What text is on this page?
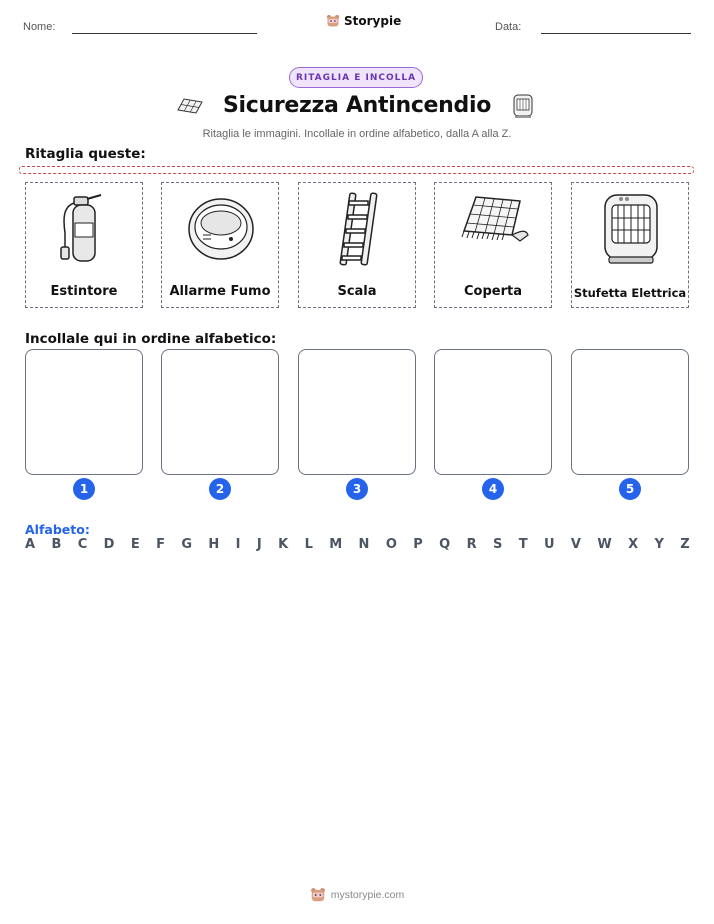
Nome:	Storypie	Data:
RITAGLIA E INCOLLA
Sicurezza Antincendio
Ritaglia le immagini. Incollale in ordine alfabetico, dalla A alla Z.
Ritaglia queste:
Estintore	Allarme Fumo	Scala	Coperta	Stufetta Elettrica
Incollale qui in ordine alfabetico:
1	2	3	4	5
Alfabeto:
A B C D E F G H I J K L M N O P Q R S T U V W X Y Z
mystorypie.com
